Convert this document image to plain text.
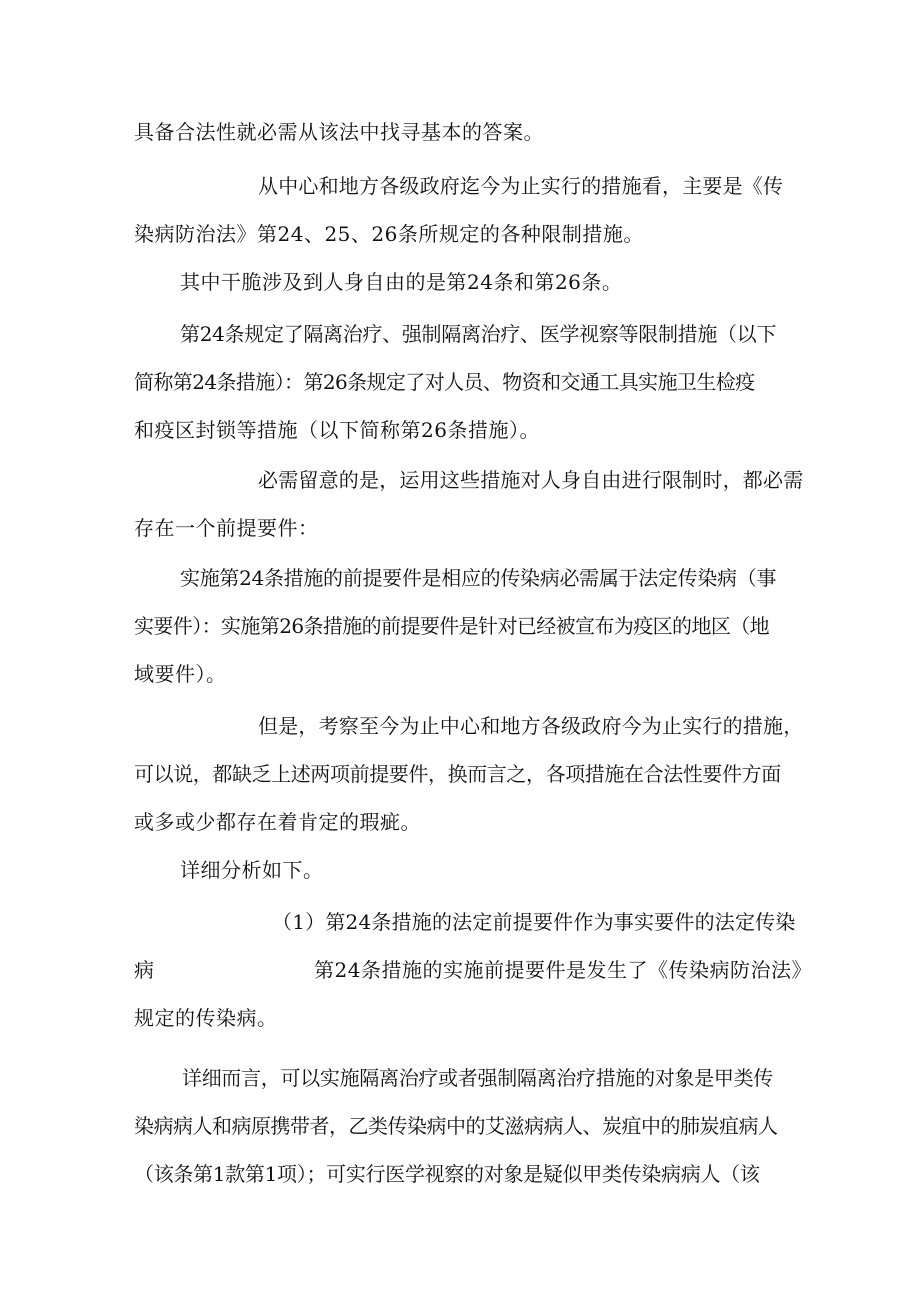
具备合法性就必需从该法中找寻基本的答案。
从中心和地方各级政府迄今为止实行的措施看，主要是《传
染病防治法》第24、25、26条所规定的各种限制措施。
其中干脆涉及到人身自由的是第24条和第26条。
第24条规定了隔离治疗、强制隔离治疗、医学视察等限制措施（以下
简称第24条措施）：第26条规定了对人员、物资和交通工具实施卫生检疫
和疫区封锁等措施（以下简称第26条措施）。
必需留意的是，运用这些措施对人身自由进行限制时，都必需
存在一个前提要件：
实施第24条措施的前提要件是相应的传染病必需属于法定传染病（事
实要件）：实施第26条措施的前提要件是针对已经被宣布为疫区的地区（地
域要件）。
但是，考察至今为止中心和地方各级政府今为止实行的措施，
可以说，都缺乏上述两项前提要件，换而言之，各项措施在合法性要件方面
或多或少都存在着肯定的瑕疵。
详细分析如下。
（1）第24条措施的法定前提要件作为事实要件的法定传染
病	第24条措施的实施前提要件是发生了《传染病防治法》
规定的传染病。
详细而言，可以实施隔离治疗或者强制隔离治疗措施的对象是甲类传
染病病人和病原携带者，乙类传染病中的艾滋病病人、炭疽中的肺炭疽病人
（该条第1款第1项）；可实行医学视察的对象是疑似甲类传染病病人（该
